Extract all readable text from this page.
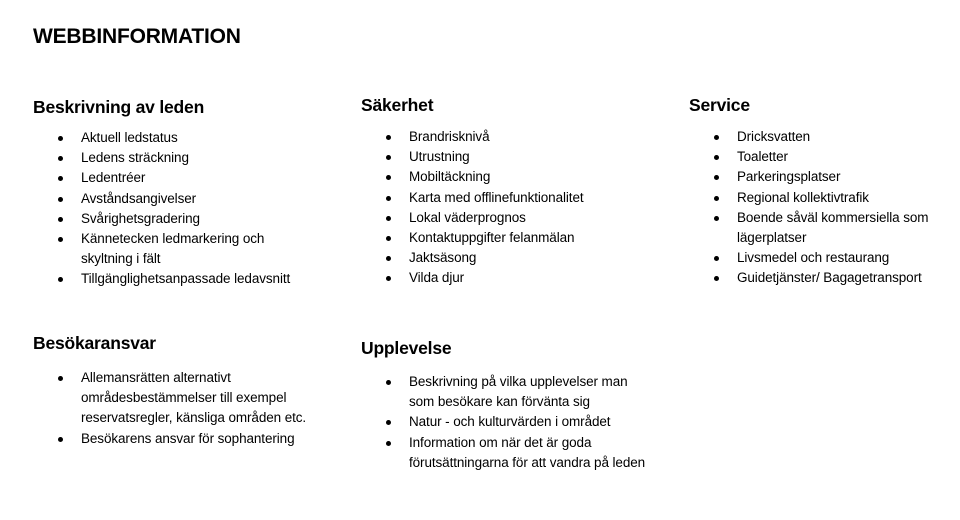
WEBBINFORMATION
Beskrivning av leden
Aktuell ledstatus
Ledens sträckning
Ledentréer
Avståndsangivelser
Svårighetsgradering
Kännetecken ledmarkering och skyltning i fält
Tillgänglighetsanpassade ledavsnitt
Säkerhet
Brandrisknivå
Utrustning
Mobiltäckning
Karta med offlinefunktionalitet
Lokal väderprognos
Kontaktuppgifter felanmälan
Jaktsäsong
Vilda djur
Service
Dricksvatten
Toaletter
Parkeringsplatser
Regional kollektivtrafik
Boende såväl kommersiella som lägerplatser
Livsmedel och restaurang
Guidetjänster/ Bagagetransport
Besökaransvar
Allemansrätten alternativt områdesbestämmelser till exempel reservatsregler, känsliga områden etc.
Besökarens ansvar för sophantering
Upplevelse
Beskrivning på vilka upplevelser man som besökare kan förvänta sig
Natur - och kulturvärden i området
Information om när det är goda förutsättningarna för att vandra på leden
